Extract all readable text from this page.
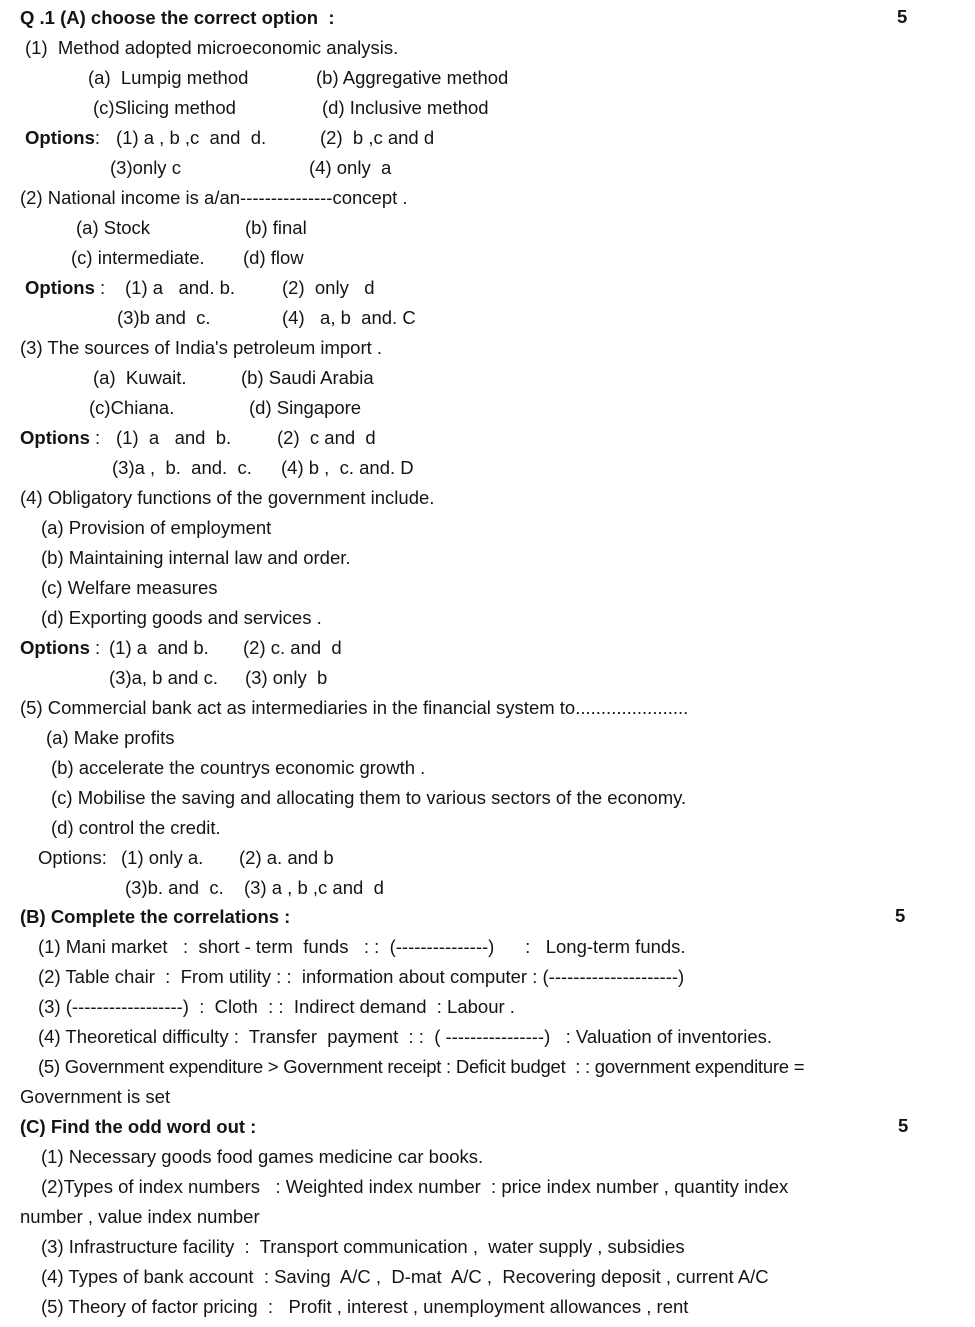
Q .1 (A) choose the correct option  :	5
(1)  Method adopted microeconomic analysis.
(a)  Lumpig method	(b) Aggregative method
(c)Slicing method	(d) Inclusive method
Options: (1) a , b ,c  and  d.	(2)  b ,c and d
(3)only c	(4) only  a
(2) National income is a/an---------------concept .
(a) Stock	(b) final
(c) intermediate. (d) flow
Options : (1) a   and. b.	(2)  only   d
(3)b and  c.	(4)   a, b  and. C
(3) The sources of India's petroleum import .
(a)  Kuwait.	(b) Saudi Arabia
(c)Chiana.	(d) Singapore
Options : (1)  a   and  b. (2)  c and  d
(3)a ,  b.  and.  c. (4) b ,  c. and. D
(4) Obligatory functions of the government include.
(a) Provision of employment
(b) Maintaining internal law and order.
(c) Welfare measures
(d) Exporting goods and services .
Options : (1) a  and b. (2) c. and  d
(3)a, b and c. (3) only  b
(5) Commercial bank act as intermediaries in the financial system to......................
(a) Make profits
(b) accelerate the countrys economic growth .
(c) Mobilise the saving and allocating them to various sectors of the economy.
(d) control the credit.
Options: (1) only a. (2) a. and b
(3)b. and  c. (3) a , b ,c and  d
(B) Complete the correlations :	5
(1) Mani market   :  short - term  funds   : :  (---------------)      :   Long-term funds.
(2) Table chair  :  From utility : :  information about computer : (---------------------)
(3) (------------------)  :  Cloth  : :  Indirect demand  : Labour .
(4) Theoretical difficulty :  Transfer  payment  : :  ( ----------------)   : Valuation of inventories.
(5) Government expenditure > Government receipt : Deficit budget  : : government expenditure =
Government is set
(C) Find the odd word out :	5
(1) Necessary goods food games medicine car books.
(2)Types of index numbers   : Weighted index number  : price index number , quantity index
number , value index number
(3) Infrastructure facility  :  Transport communication ,  water supply , subsidies
(4) Types of bank account  : Saving  A/C ,  D-mat  A/C ,  Recovering deposit , current A/C
(5) Theory of factor pricing  :   Profit , interest , unemployment allowances , rent
